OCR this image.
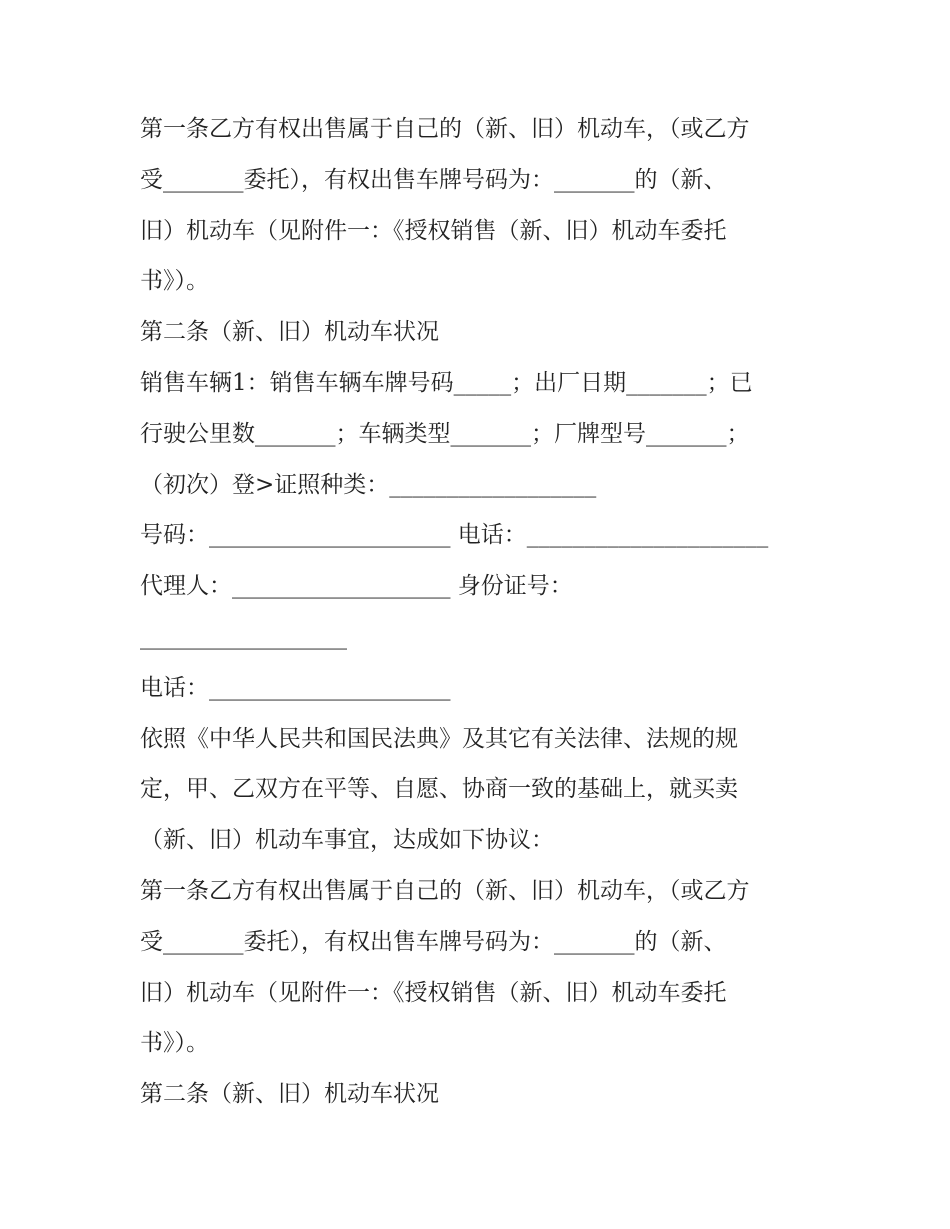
第一条乙方有权出售属于自己的（新、旧）机动车，（或乙方
受_______委托），有权出售车牌号码为：_______的（新、
旧）机动车（见附件一：《授权销售（新、旧）机动车委托
书》）。
第二条（新、旧）机动车状况
销售车辆1：销售车辆车牌号码_____；出厂日期_______；已
行驶公里数_______；车辆类型_______；厂牌型号_______；
（初次）登>证照种类：__________________
号码：_____________________ 电话：_____________________
代理人：___________________ 身份证号：
__________________
电话：_____________________
依照《中华人民共和国民法典》及其它有关法律、法规的规
定，甲、乙双方在平等、自愿、协商一致的基础上，就买卖
（新、旧）机动车事宜，达成如下协议：
第一条乙方有权出售属于自己的（新、旧）机动车，（或乙方
受_______委托），有权出售车牌号码为：_______的（新、
旧）机动车（见附件一：《授权销售（新、旧）机动车委托
书》）。
第二条（新、旧）机动车状况
